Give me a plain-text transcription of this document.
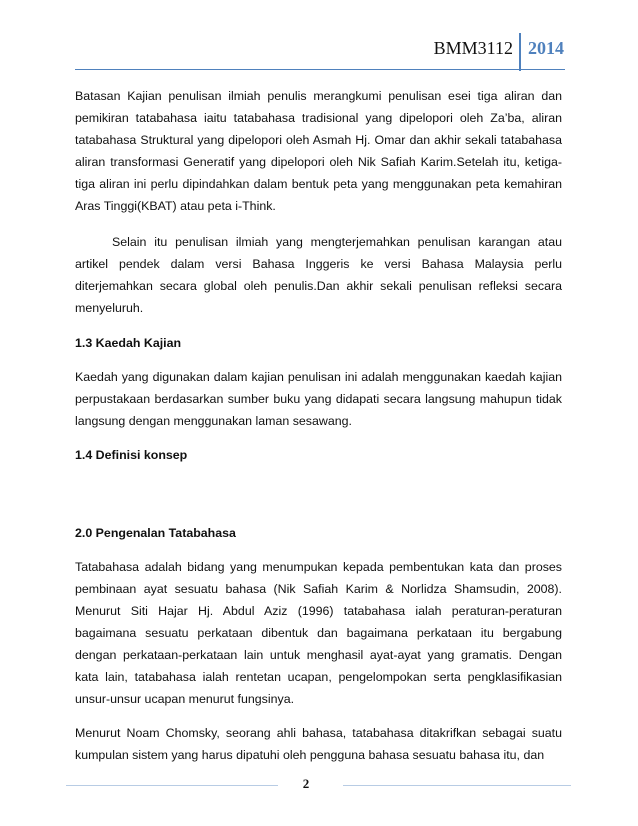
BMM3112 2014

Batasan Kajian penulisan ilmiah penulis merangkumi penulisan esei tiga aliran dan pemikiran tatabahasa iaitu tatabahasa tradisional yang dipelopori oleh Za’ba, aliran tatabahasa Struktural yang dipelopori oleh Asmah Hj. Omar dan akhir sekali tatabahasa aliran transformasi Generatif yang dipelopori oleh Nik Safiah Karim.Setelah itu, ketiga-tiga aliran ini perlu dipindahkan dalam bentuk peta yang menggunakan peta kemahiran Aras Tinggi(KBAT) atau peta i-Think.

Selain itu penulisan ilmiah yang mengterjemahkan penulisan karangan atau artikel pendek dalam versi Bahasa Inggeris ke versi Bahasa Malaysia perlu diterjemahkan secara global oleh penulis.Dan akhir sekali penulisan refleksi secara menyeluruh.

1.3 Kaedah Kajian

Kaedah yang digunakan dalam kajian penulisan ini adalah menggunakan kaedah kajian perpustakaan berdasarkan sumber buku yang didapati secara langsung mahupun tidak langsung dengan menggunakan laman sesawang.

1.4 Definisi konsep

2.0 Pengenalan Tatabahasa

Tatabahasa adalah bidang yang menumpukan kepada pembentukan kata dan proses pembinaan ayat sesuatu bahasa (Nik Safiah Karim & Norlidza Shamsudin, 2008). Menurut Siti Hajar Hj. Abdul Aziz (1996) tatabahasa ialah peraturan-peraturan bagaimana sesuatu perkataan dibentuk dan bagaimana perkataan itu bergabung dengan perkataan-perkataan lain untuk menghasil ayat-ayat yang gramatis. Dengan kata lain, tatabahasa ialah rentetan ucapan, pengelompokan serta pengklasifikasian unsur-unsur ucapan menurut fungsinya.

Menurut Noam Chomsky, seorang ahli bahasa, tatabahasa ditakrifkan sebagai suatu kumpulan sistem yang harus dipatuhi oleh pengguna bahasa sesuatu bahasa itu, dan

2
